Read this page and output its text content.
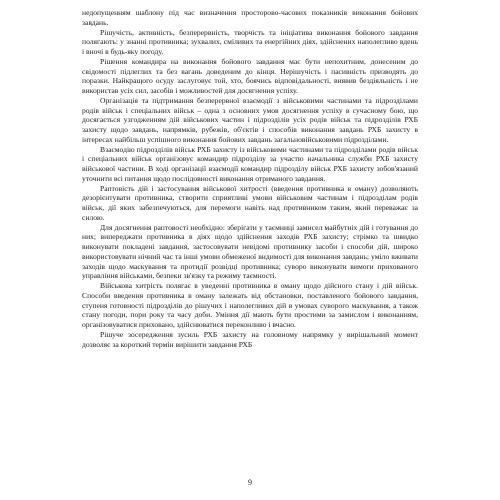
недопущенням шаблону під час визначення просторово-часових показників виконання бойових завдань.

Рішучість, активність, безперервність, творчість та ініціатива виконання бойового завдання полягають: у знанні противника; зухвалих, сміливих та енергійних діях, здійснених наполегливо вдень і вночі в будь-яку погоду.

Рішення командира на виконання бойового завдання має бути непохитним, донесеним до свідомості підлеглих та без вагань доведеним до кінця. Нерішучість і пасивність призводять до поразки. Найкращого осуду заслуговує той, хто, боячись відповідальності, виявив бездіяльність і не використав усіх сил, засобів і можливостей для досягнення успіху.

Організація та підтримання безперервної взаємодії з військовими частинами та підрозділами родів військ і спеціальних військ – одна з основних умов досягнення успіху в сучасному бою, що досягається узгодженням дій військових частин і підрозділів усіх родів військ та підрозділів РХБ захисту щодо завдань, напрямків, рубежів, об'єктів і способів виконання завдань РХБ захисту в інтересах найбільш успішного виконання бойових завдань загальновійськовими підрозділами.

Взаємодію підрозділів військ РХБ захисту із військовими частинами та підрозділами родів військ і спеціальних військ організовує командир підрозділу за участю начальника служби РХБ захисту військової частини. В ході організації взаємодії командир підрозділу військ РХБ захисту зобов'язаний уточнити всі питання щодо послідовності виконання отриманого завдання.

Раптовість дій і застосування військової хитрості (введення противника в оману) дозволяють дезорієнтувати противника, створити сприятливі умови військовим частинам і підрозділам родів військ, дії яких забезпечуються, для перемоги навіть над противником таким, який переважає за силою.

Для досягнення раптовості необхідно: зберігати у таємниці замисел майбутніх дій і готування до них; випереджати противника в діях щодо здійснення заходів РХБ захисту; стрімко та швидко виконувати покладені завдання, застосовувати невідомі противнику засоби і способи дій, широко використовувати нічний час та інші умови обмеженої видимості для виконання завдань; уміло вживати заходів щодо маскування та протидії розвідці противника; суворо виконувати вимоги прихованого управління військами, безпеки зв'язку та режиму таємності.

Військова хитрість полягає в уведенні противника в оману щодо дійсного стану і дій військ. Способи введення противника в оману залежать від обстановки, поставленого бойового завдання, ступеня готовності підрозділів до рішучих і наполегливих дій в умовах суворого маскування, а також стану погоди, пори року та часу доби. Уміння дії мають бути простими за замислом і виконанням, організовуватися приховано, здійснюватися переконливо і вчасно.

Рішуче зосередження зусиль РХБ захисту на головному напрямку у вирішальний момент дозволяє за короткий термін вирішити завдання РХБ

9
